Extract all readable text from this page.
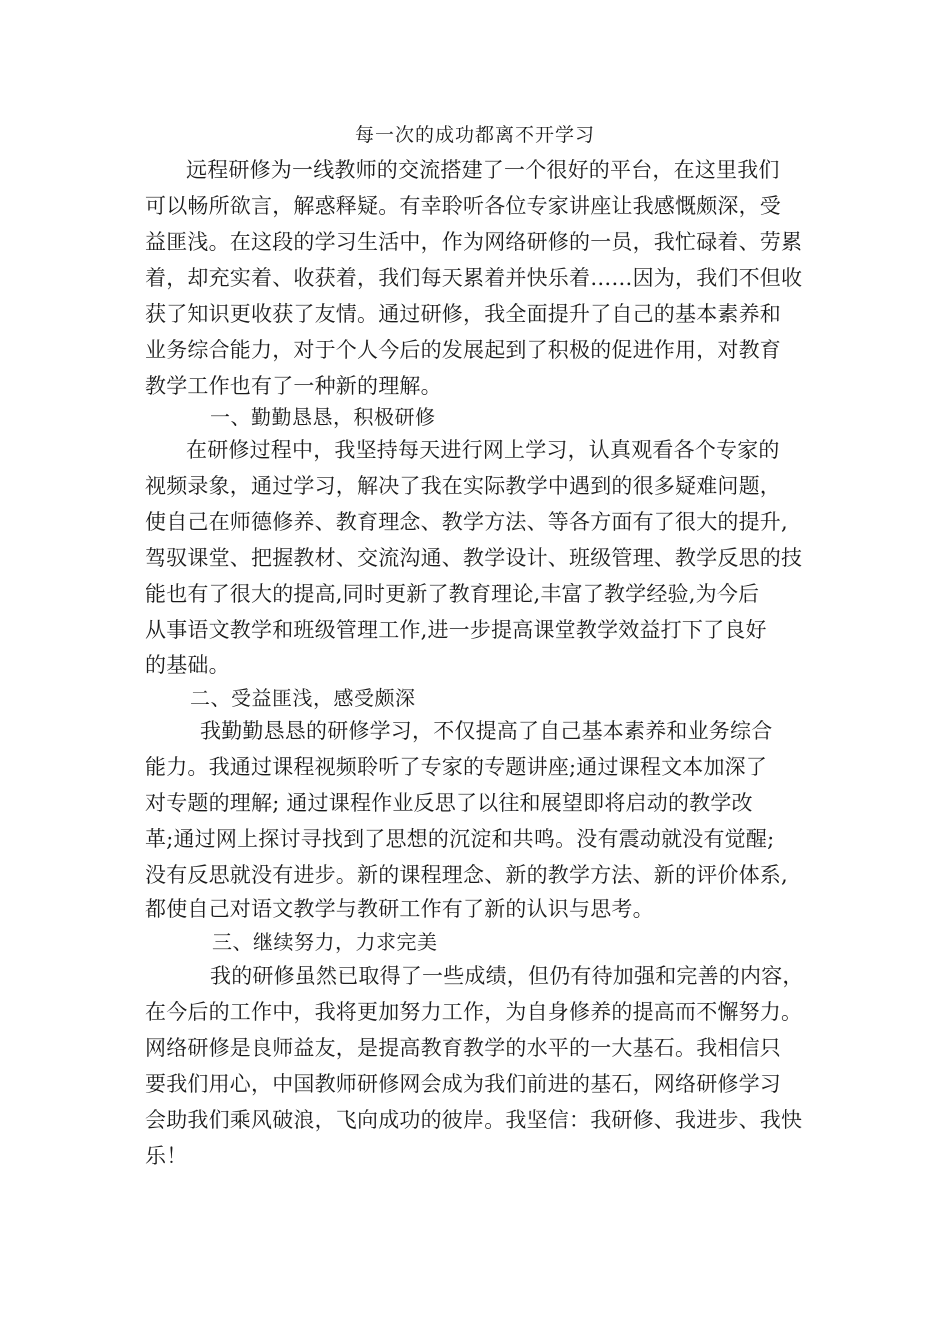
每一次的成功都离不开学习
远程研修为一线教师的交流搭建了一个很好的平台，在这里我们
可以畅所欲言，解惑释疑。有幸聆听各位专家讲座让我感慨颇深，受
益匪浅。在这段的学习生活中，作为网络研修的一员，我忙碌着、劳累
着，却充实着、收获着，我们每天累着并快乐着……因为，我们不但收
获了知识更收获了友情。通过研修，我全面提升了自己的基本素养和
业务综合能力，对于个人今后的发展起到了积极的促进作用，对教育
教学工作也有了一种新的理解。
一、勤勤恳恳，积极研修
在研修过程中，我坚持每天进行网上学习，认真观看各个专家的
视频录象，通过学习，解决了我在实际教学中遇到的很多疑难问题，
使自己在师德修养、教育理念、教学方法、等各方面有了很大的提升,
驾驭课堂、把握教材、交流沟通、教学设计、班级管理、教学反思的技
能也有了很大的提高,同时更新了教育理论,丰富了教学经验,为今后
从事语文教学和班级管理工作,进一步提高课堂教学效益打下了良好
的基础。
二、受益匪浅，感受颇深
我勤勤恳恳的研修学习，不仅提高了自己基本素养和业务综合
能力。我通过课程视频聆听了专家的专题讲座;通过课程文本加深了
对专题的理解; 通过课程作业反思了以往和展望即将启动的教学改
革;通过网上探讨寻找到了思想的沉淀和共鸣。没有震动就没有觉醒;
没有反思就没有进步。新的课程理念、新的教学方法、新的评价体系,
都使自己对语文教学与教研工作有了新的认识与思考。
三、继续努力，力求完美
我的研修虽然已取得了一些成绩，但仍有待加强和完善的内容，
在今后的工作中，我将更加努力工作，为自身修养的提高而不懈努力。
网络研修是良师益友，是提高教育教学的水平的一大基石。我相信只
要我们用心，中国教师研修网会成为我们前进的基石，网络研修学习
会助我们乘风破浪，飞向成功的彼岸。我坚信：我研修、我进步、我快
乐！
